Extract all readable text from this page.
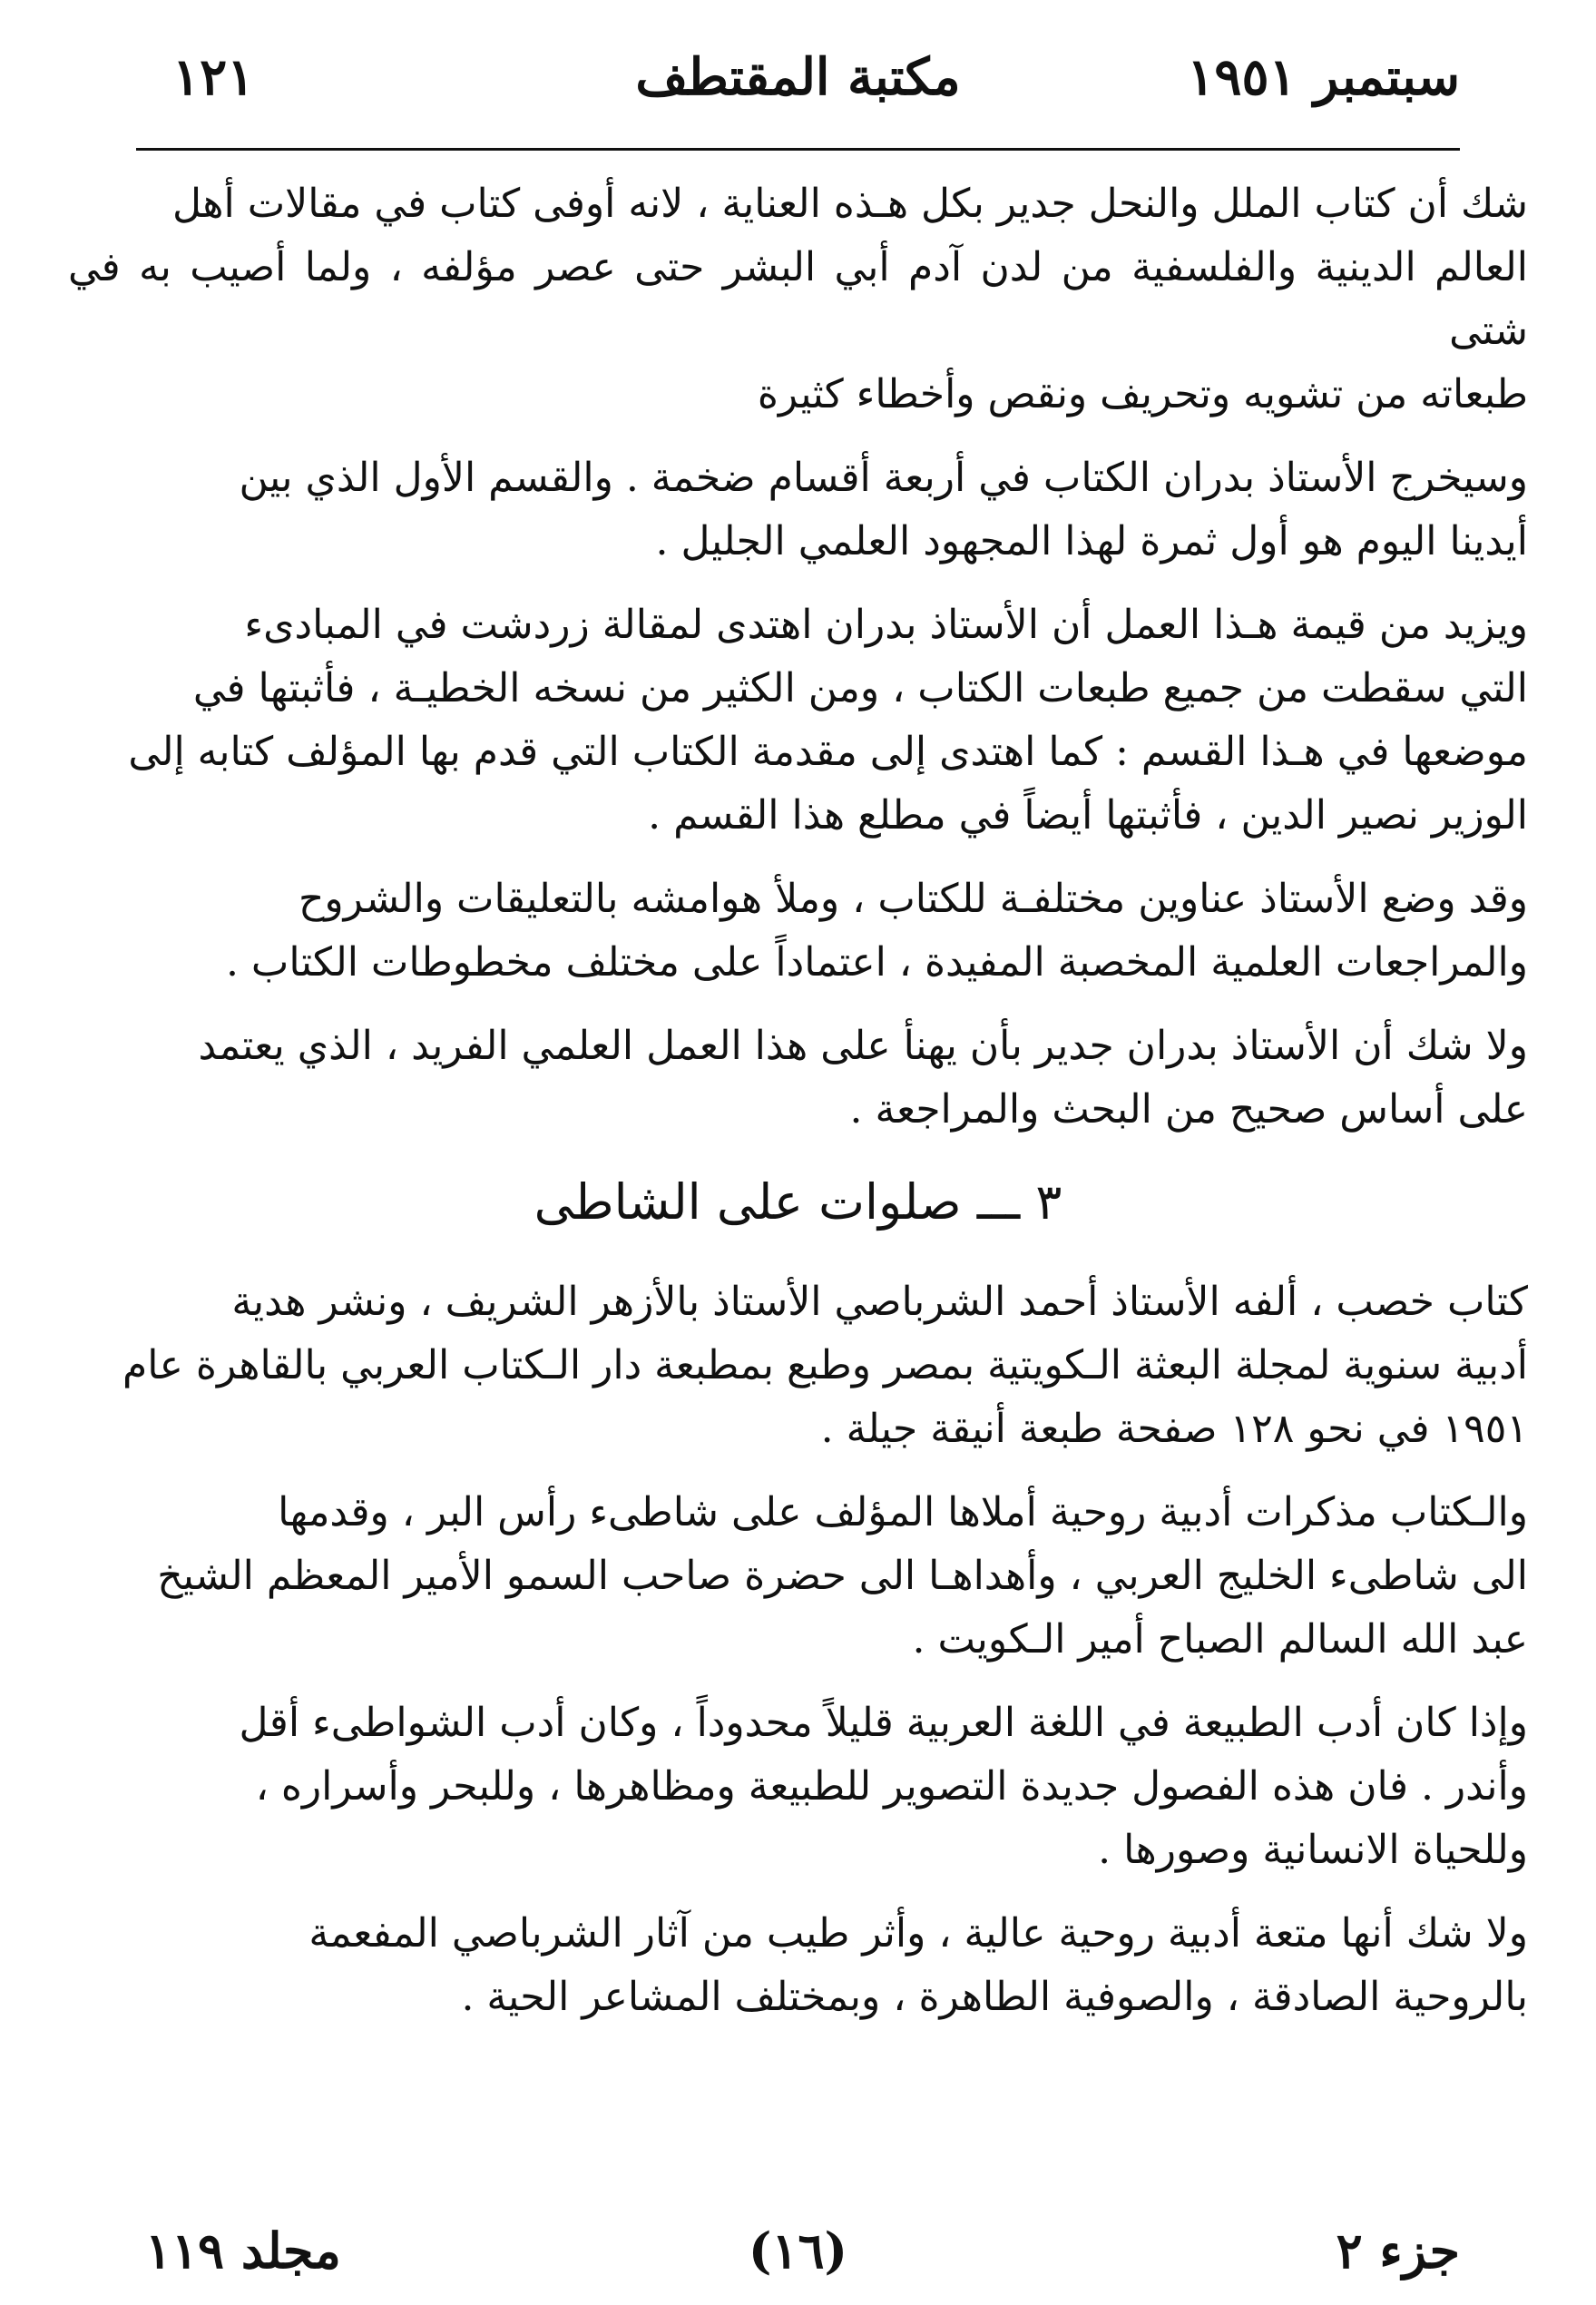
سبتمبر ١٩٥١
مكتبة المقتطف
١٢١
شك أن كتاب الملل والنحل جدير بكل هـذه العناية ، لانه أوفى كتاب في مقالات أهل
العالم الدينية والفلسفية من لدن آدم أبي البشر حتى عصر مؤلفه ، ولما أصيب به في شتى
طبعاته من تشويه وتحريف ونقص وأخطاء كثيرة
وسيخرج الأستاذ بدران الكتاب في أربعة أقسام ضخمة . والقسم الأول الذي بين
أيدينا اليوم هو أول ثمرة لهذا المجهود العلمي الجليل .
ويزيد من قيمة هـذا العمل أن الأستاذ بدران اهتدى لمقالة زردشت في المبادىء
التي سقطت من جميع طبعات الكتاب ، ومن الكثير من نسخه الخطيـة ، فأثبتها في
موضعها في هـذا القسم : كما اهتدى إلى مقدمة الكتاب التي قدم بها المؤلف كتابه إلى
الوزير نصير الدين ، فأثبتها أيضاً في مطلع هذا القسم .
وقد وضع الأستاذ عناوين مختلفـة للكتاب ، وملأ هوامشه بالتعليقات والشروح
والمراجعات العلمية المخصبة المفيدة ، اعتماداً على مختلف مخطوطات الكتاب .
ولا شك أن الأستاذ بدران جدير بأن يهنأ على هذا العمل العلمي الفريد ، الذي يعتمد
على أساس صحيح من البحث والمراجعة .
٣ ـــ صلوات على الشاطى
كتاب خصب ، ألفه الأستاذ أحمد الشرباصي الأستاذ بالأزهر الشريف ، ونشر هدية
أدبية سنوية لمجلة البعثة الـكويتية بمصر وطبع بمطبعة دار الـكتاب العربي بالقاهرة عام
١٩٥١ في نحو ١٢٨ صفحة طبعة أنيقة جيلة .
والـكتاب مذكرات أدبية روحية أملاها المؤلف على شاطىء رأس البر ، وقدمها
الى شاطىء الخليج العربي ، وأهداهـا الى حضرة صاحب السمو الأمير المعظم الشيخ
عبد الله السالم الصباح أمير الـكويت .
وإذا كان أدب الطبيعة في اللغة العربية قليلاً محدوداً ، وكان أدب الشواطىء أقل
وأندر . فان هذه الفصول جديدة التصوير للطبيعة ومظاهرها ، وللبحر وأسراره ،
وللحياة الانسانية وصورها .
ولا شك أنها متعة أدبية روحية عالية ، وأثر طيب من آثار الشرباصي المفعمة
بالروحية الصادقة ، والصوفية الطاهرة ، وبمختلف المشاعر الحية .
جزء ٢
(١٦)
مجلد ١١٩
